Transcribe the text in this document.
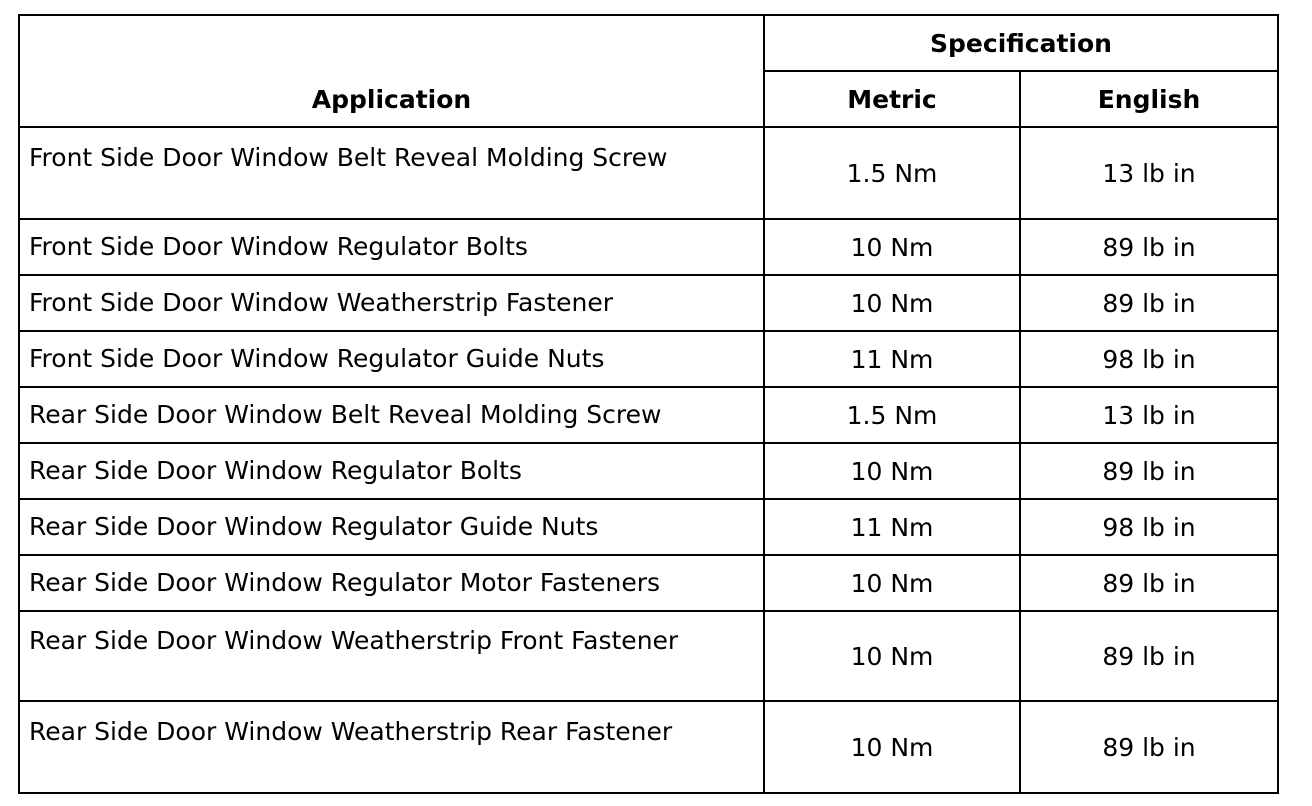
Application	Specification	
	Metric	English
Front Side Door Window Belt Reveal Molding Screw	1.5 Nm	13 lb in
Front Side Door Window Regulator Bolts	10 Nm	89 lb in
Front Side Door Window Weatherstrip Fastener	10 Nm	89 lb in
Front Side Door Window Regulator Guide Nuts	11 Nm	98 lb in
Rear Side Door Window Belt Reveal Molding Screw	1.5 Nm	13 lb in
Rear Side Door Window Regulator Bolts	10 Nm	89 lb in
Rear Side Door Window Regulator Guide Nuts	11 Nm	98 lb in
Rear Side Door Window Regulator Motor Fasteners	10 Nm	89 lb in
Rear Side Door Window Weatherstrip Front Fastener	10 Nm	89 lb in
Rear Side Door Window Weatherstrip Rear Fastener	10 Nm	89 lb in
